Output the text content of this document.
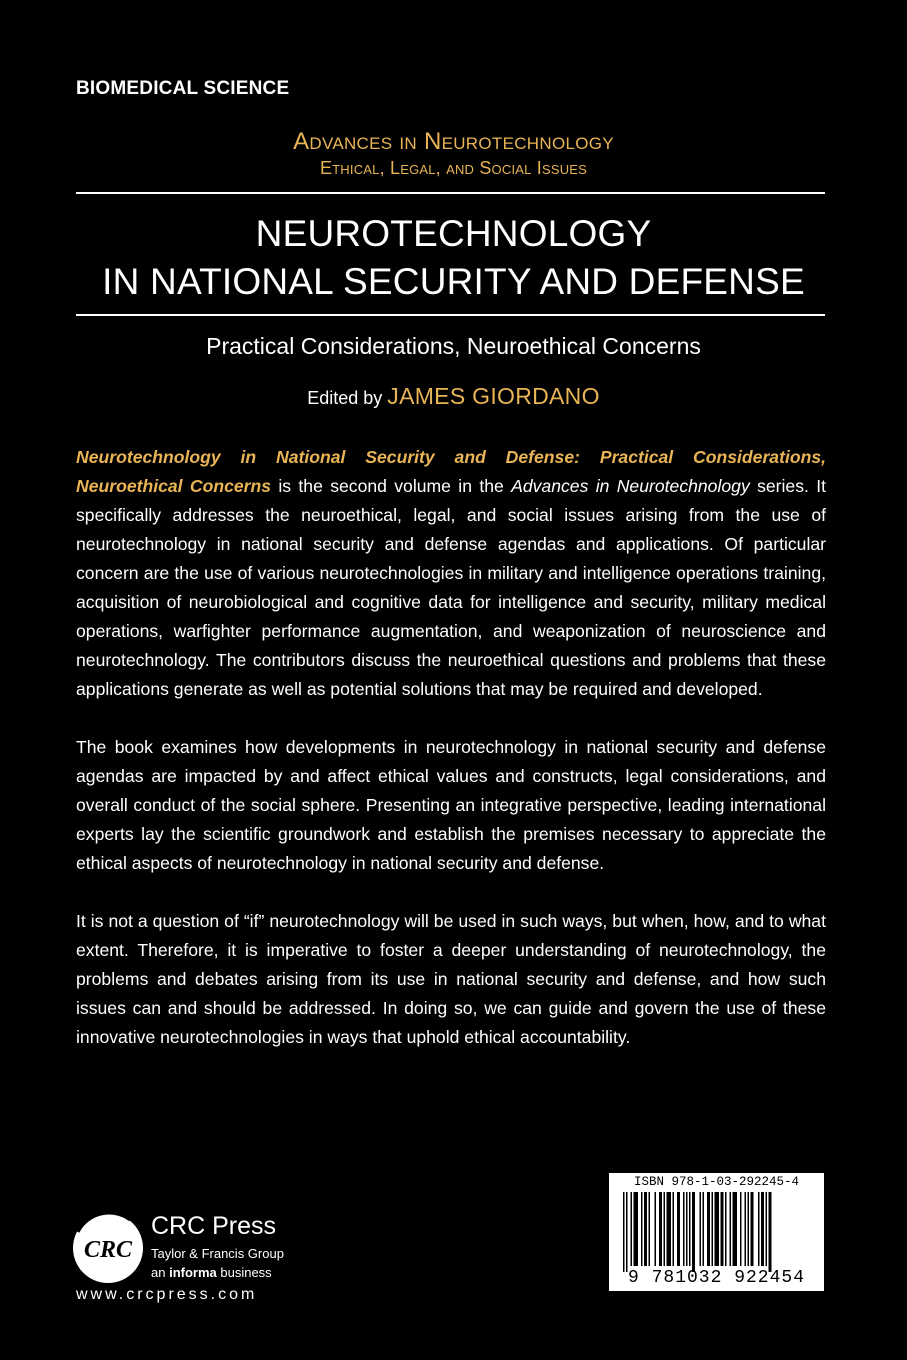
BIOMEDICAL SCIENCE
Advances in Neurotechnology
Ethical, Legal, and Social Issues
NEUROTECHNOLOGY
IN NATIONAL SECURITY AND DEFENSE
Practical Considerations, Neuroethical Concerns
Edited by JAMES GIORDANO

Neurotechnology in National Security and Defense: Practical Considerations, Neuroethical Concerns is the second volume in the Advances in Neurotechnology series. It specifically addresses the neuroethical, legal, and social issues arising from the use of neurotechnology in national security and defense agendas and applications. Of particular concern are the use of various neurotechnologies in military and intelligence operations training, acquisition of neurobiological and cognitive data for intelligence and security, military medical operations, warfighter performance augmentation, and weaponization of neuroscience and neurotechnology. The contributors discuss the neuroethical questions and problems that these applications generate as well as potential solutions that may be required and developed.

The book examines how developments in neurotechnology in national security and defense agendas are impacted by and affect ethical values and constructs, legal considerations, and overall conduct of the social sphere. Presenting an integrative perspective, leading international experts lay the scientific groundwork and establish the premises necessary to appreciate the ethical aspects of neurotechnology in national security and defense.

It is not a question of “if” neurotechnology will be used in such ways, but when, how, and to what extent. Therefore, it is imperative to foster a deeper understanding of neurotechnology, the problems and debates arising from its use in national security and defense, and how such issues can and should be addressed. In doing so, we can guide and govern the use of these innovative neurotechnologies in ways that uphold ethical accountability.

CRC
CRC Press
Taylor & Francis Group
an informa business
www.crcpress.com
ISBN 978-1-03-292245-4
9 781032 922454
